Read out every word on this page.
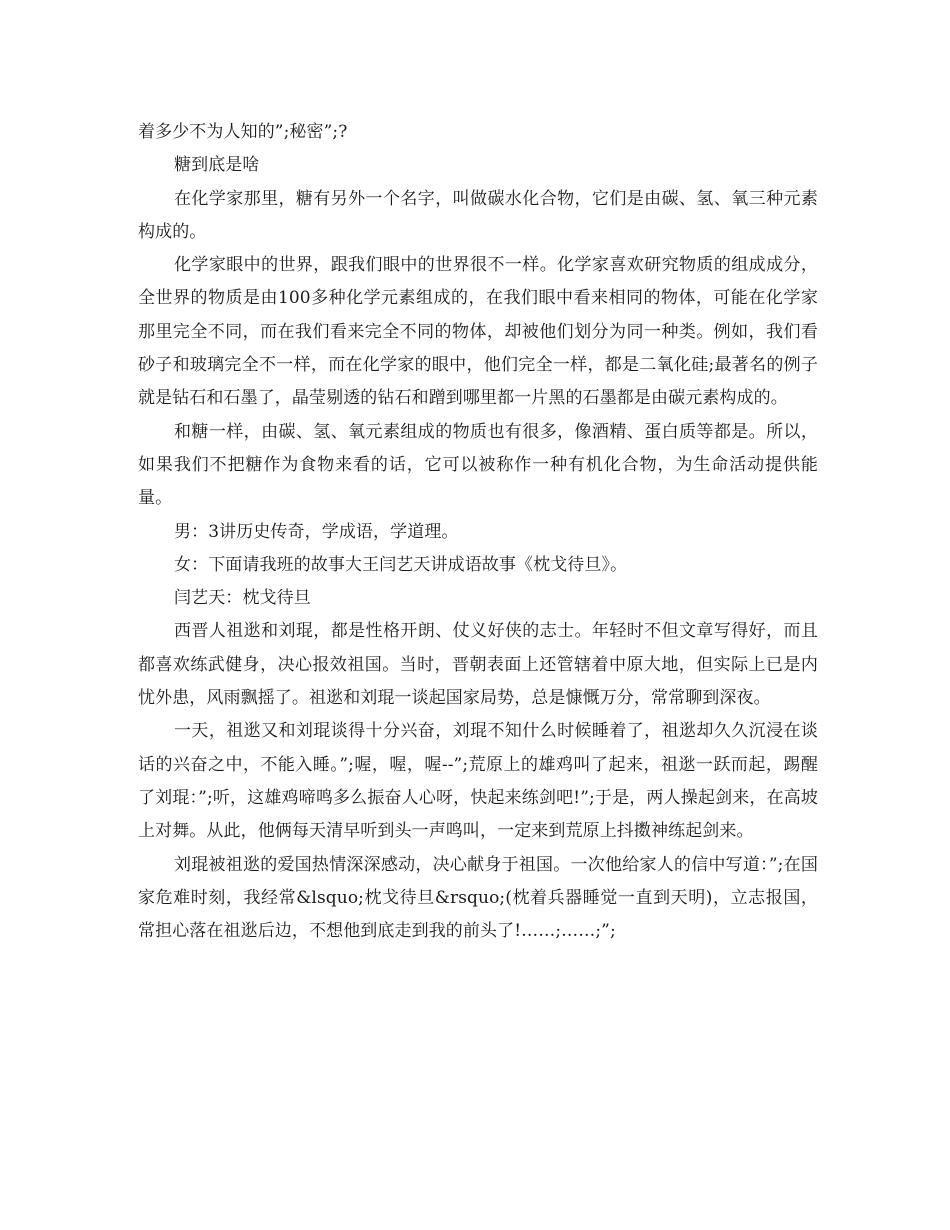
着多少不为人知的”;秘密”;?

糖到底是啥

在化学家那里，糖有另外一个名字，叫做碳水化合物，它们是由碳、氢、氧三种元素构成的。

化学家眼中的世界，跟我们眼中的世界很不一样。化学家喜欢研究物质的组成成分，全世界的物质是由100多种化学元素组成的，在我们眼中看来相同的物体，可能在化学家那里完全不同，而在我们看来完全不同的物体，却被他们划分为同一种类。例如，我们看砂子和玻璃完全不一样，而在化学家的眼中，他们完全一样，都是二氧化硅;最著名的例子就是钻石和石墨了，晶莹剔透的钻石和蹭到哪里都一片黑的石墨都是由碳元素构成的。

和糖一样，由碳、氢、氧元素组成的物质也有很多，像酒精、蛋白质等都是。所以，如果我们不把糖作为食物来看的话，它可以被称作一种有机化合物，为生命活动提供能量。

男：3讲历史传奇，学成语，学道理。

女：下面请我班的故事大王闫艺天讲成语故事《枕戈待旦》。

闫艺天：枕戈待旦

西晋人祖逖和刘琨，都是性格开朗、仗义好侠的志士。年轻时不但文章写得好，而且都喜欢练武健身，决心报效祖国。当时，晋朝表面上还管辖着中原大地，但实际上已是内忧外患，风雨飘摇了。祖逖和刘琨一谈起国家局势，总是慷慨万分，常常聊到深夜。

一天，祖逖又和刘琨谈得十分兴奋，刘琨不知什么时候睡着了，祖逖却久久沉浸在谈话的兴奋之中，不能入睡。”;喔，喔，喔--”;荒原上的雄鸡叫了起来，祖逖一跃而起，踢醒了刘琨：”;听，这雄鸡啼鸣多么振奋人心呀，快起来练剑吧!”;于是，两人操起剑来，在高坡上对舞。从此，他俩每天清早听到头一声鸣叫，一定来到荒原上抖擞神练起剑来。

刘琨被祖逖的爱国热情深深感动，决心献身于祖国。一次他给家人的信中写道：”;在国家危难时刻，我经常&lsquo;枕戈待旦&rsquo;(枕着兵器睡觉一直到天明)，立志报国，常担心落在祖逖后边，不想他到底走到我的前头了!……;……;”;
